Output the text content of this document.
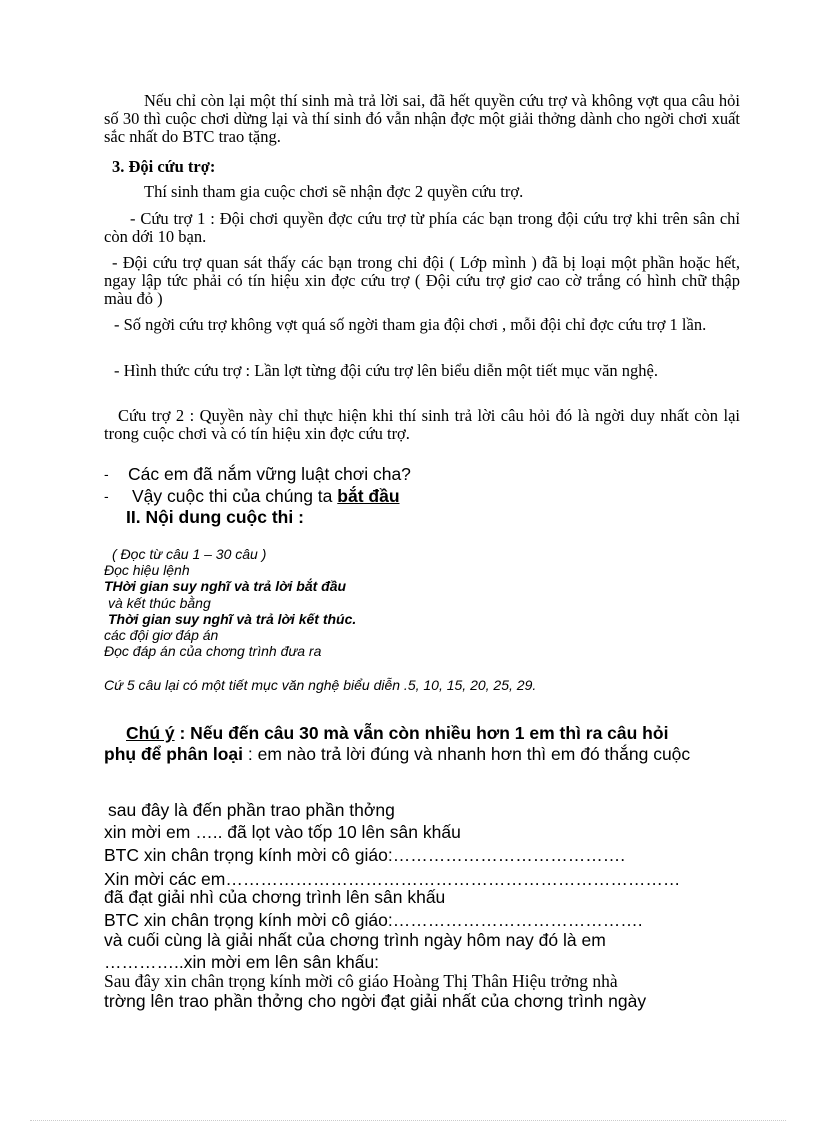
Nếu chỉ còn lại một thí sinh mà trả lời sai, đã hết quyền cứu trợ và không vợt qua câu hỏi số 30 thì cuộc chơi dừng lại và thí sinh đó vẫn nhận đợc một giải thởng dành cho ngời chơi xuất sắc nhất do BTC trao tặng.
3. Đội cứu trợ:
Thí sinh tham gia cuộc chơi sẽ nhận đợc 2 quyền cứu trợ.
- Cứu trợ 1 : Đội chơi quyền đợc cứu trợ từ phía các bạn trong đội cứu trợ khi trên sân chỉ còn dới 10 bạn.
- Đội cứu trợ quan sát thấy các bạn trong chi đội ( Lớp mình ) đã bị loại một phần hoặc hết, ngay lập tức phải có tín hiệu xin đợc cứu trợ ( Đội cứu trợ giơ cao cờ trắng có hình chữ thập màu đỏ )
- Số ngời cứu trợ không vợt quá số ngời tham gia đội chơi , mỗi đội chỉ đợc cứu trợ 1 lần.
- Hình thức cứu trợ : Lần lợt từng đội cứu trợ lên biểu diễn một tiết mục văn nghệ.
Cứu trợ 2 : Quyền này chỉ thực hiện khi thí sinh trả lời câu hỏi đó là ngời duy nhất còn lại trong cuộc chơi và có tín hiệu xin đợc cứu trợ.
- Các em đã nắm vững luật chơi cha?
- Vậy cuộc thi của chúng ta bắt đầu
II. Nội dung cuộc thi :
( Đọc từ câu 1 – 30 câu )
Đọc hiệu lệnh
THời gian suy nghĩ và trả lời bắt đầu
và kết thúc bằng
Thời gian suy nghĩ và trả lời kết thúc.
các đội giơ đáp án
Đọc đáp án của chơng trình đưa ra
Cứ 5 câu lại có một tiết mục văn nghệ biểu diễn .5, 10, 15, 20, 25, 29.
Chú ý : Nếu đến câu 30 mà vẫn còn nhiều hơn 1 em thì ra câu hỏi
phụ để phân loại : em nào trả lời đúng và nhanh hơn thì em đó thắng cuộc
sau đây là đến phần trao phần thởng
xin mời em ….. đã lọt vào tốp 10 lên sân khấu
BTC xin chân trọng kính mời cô giáo:………………………………….
Xin mời các em……………………………………………………………………
đã đạt giải nhì của chơng trình lên sân khấu
BTC xin chân trọng kính mời cô giáo:…………………………………….
và cuối cùng là giải nhất của chơng trình ngày hôm nay đó là em
…………..xin mời em lên sân khấu:
Sau đây xin chân trọng kính mời cô giáo Hoàng Thị Thân Hiệu trởng nhà
trờng lên trao phần thởng cho ngời đạt giải nhất của chơng trình ngày
